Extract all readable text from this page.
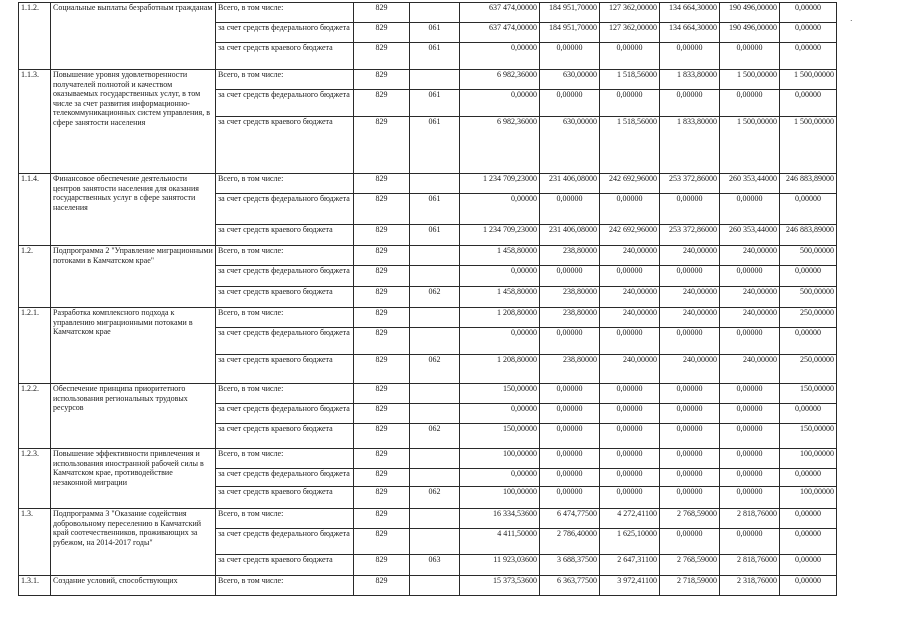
.
1.1.2.	Социальные выплаты безработным гражданам	Всего, в том числе:	829		637 474,00000	184 951,70000	127 362,00000	134 664,30000	190 496,00000	0,00000
		за счет средств федерального бюджета	829	061	637 474,00000	184 951,70000	127 362,00000	134 664,30000	190 496,00000	0,00000
		за счет средств краевого бюджета	829	061	0,00000	0,00000	0,00000	0,00000	0,00000	0,00000
1.1.3.	Повышение уровня удовлетворенности получателей полнотой и качеством оказываемых государственных услуг, в том числе за счет развития информационно-телекоммуникационных систем управления, в сфере занятости населения	Всего, в том числе:	829		6 982,36000	630,00000	1 518,56000	1 833,80000	1 500,00000	1 500,00000
		за счет средств федерального бюджета	829	061	0,00000	0,00000	0,00000	0,00000	0,00000	0,00000
		за счет средств краевого бюджета	829	061	6 982,36000	630,00000	1 518,56000	1 833,80000	1 500,00000	1 500,00000
1.1.4.	Финансовое обеспечение деятельности центров занятости населения для оказания государственных услуг в сфере занятости населения	Всего, в том числе:	829		1 234 709,23000	231 406,08000	242 692,96000	253 372,86000	260 353,44000	246 883,89000
		за счет средств федерального бюджета	829	061	0,00000	0,00000	0,00000	0,00000	0,00000	0,00000
		за счет средств краевого бюджета	829	061	1 234 709,23000	231 406,08000	242 692,96000	253 372,86000	260 353,44000	246 883,89000
1.2.	Подпрограмма 2 "Управление миграционными потоками в Камчатском крае"	Всего, в том числе:	829		1 458,80000	238,80000	240,00000	240,00000	240,00000	500,00000
		за счет средств федерального бюджета	829		0,00000	0,00000	0,00000	0,00000	0,00000	0,00000
		за счет средств краевого бюджета	829	062	1 458,80000	238,80000	240,00000	240,00000	240,00000	500,00000
1.2.1.	Разработка комплексного подхода к управлению миграционными потоками в Камчатском крае	Всего, в том числе:	829		1 208,80000	238,80000	240,00000	240,00000	240,00000	250,00000
		за счет средств федерального бюджета	829		0,00000	0,00000	0,00000	0,00000	0,00000	0,00000
		за счет средств краевого бюджета	829	062	1 208,80000	238,80000	240,00000	240,00000	240,00000	250,00000
1.2.2.	Обеспечение принципа приоритетного использования региональных трудовых ресурсов	Всего, в том числе:	829		150,00000	0,00000	0,00000	0,00000	0,00000	150,00000
		за счет средств федерального бюджета	829		0,00000	0,00000	0,00000	0,00000	0,00000	0,00000
		за счет средств краевого бюджета	829	062	150,00000	0,00000	0,00000	0,00000	0,00000	150,00000
1.2.3.	Повышение эффективности привлечения и использования иностранной рабочей силы в Камчатском крае, противодействие незаконной миграции	Всего, в том числе:	829		100,00000	0,00000	0,00000	0,00000	0,00000	100,00000
		за счет средств федерального бюджета	829		0,00000	0,00000	0,00000	0,00000	0,00000	0,00000
		за счет средств краевого бюджета	829	062	100,00000	0,00000	0,00000	0,00000	0,00000	100,00000
1.3.	Подпрограмма 3 "Оказание содействия добровольному переселению в Камчатский край соотечественников, проживающих за рубежом, на 2014-2017 годы"	Всего, в том числе:	829		16 334,53600	6 474,77500	4 272,41100	2 768,59000	2 818,76000	0,00000
		за счет средств федерального бюджета	829		4 411,50000	2 786,40000	1 625,10000	0,00000	0,00000	0,00000
		за счет средств краевого бюджета	829	063	11 923,03600	3 688,37500	2 647,31100	2 768,59000	2 818,76000	0,00000
1.3.1.	Создание условий, способствующих	Всего, в том числе:	829		15 373,53600	6 363,77500	3 972,41100	2 718,59000	2 318,76000	0,00000
